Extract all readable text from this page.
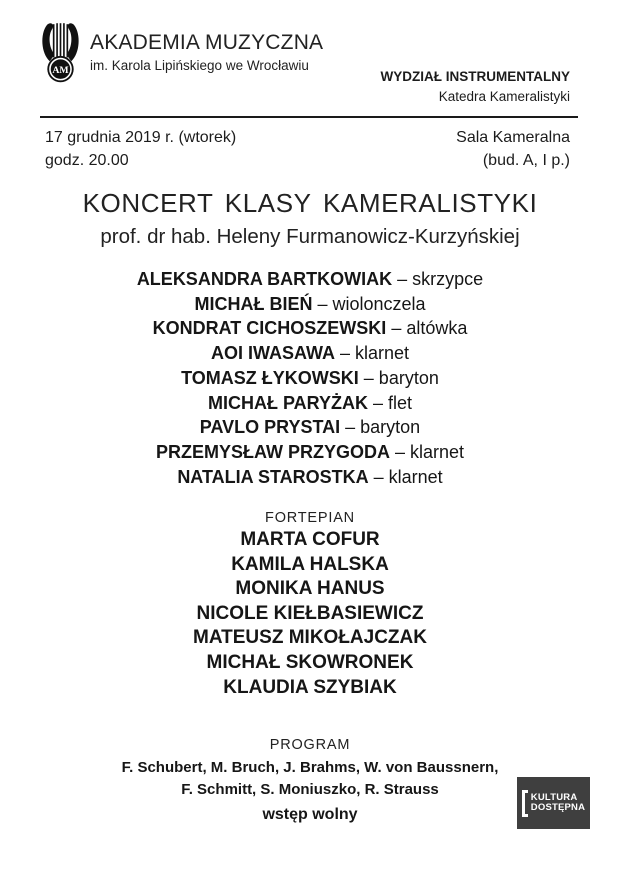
AM
AKADEMIA MUZYCZNA
im. Karola Lipińskiego we Wrocławiu
WYDZIAŁ INSTRUMENTALNY
Katedra Kameralistyki
17 grudnia 2019 r. (wtorek)
godz. 20.00
Sala Kameralna
(bud. A, I p.)
KONCERT KLASY KAMERALISTYKI
prof. dr hab. Heleny Furmanowicz-Kurzyńskiej
ALEKSANDRA BARTKOWIAK – skrzypce
MICHAŁ BIEŃ – wiolonczela
KONDRAT CICHOSZEWSKI – altówka
AOI IWASAWA – klarnet
TOMASZ ŁYKOWSKI – baryton
MICHAŁ PARYŻAK – flet
PAVLO PRYSTAI – baryton
PRZEMYSŁAW PRZYGODA – klarnet
NATALIA STAROSTKA – klarnet
FORTEPIAN
MARTA COFUR
KAMILA HALSKA
MONIKA HANUS
NICOLE KIEŁBASIEWICZ
MATEUSZ MIKOŁAJCZAK
MICHAŁ SKOWRONEK
KLAUDIA SZYBIAK
PROGRAM
F. Schubert, M. Bruch, J. Brahms, W. von Baussnern,
F. Schmitt, S. Moniuszko, R. Strauss
wstęp wolny
KULTURA
DOSTĘPNA
